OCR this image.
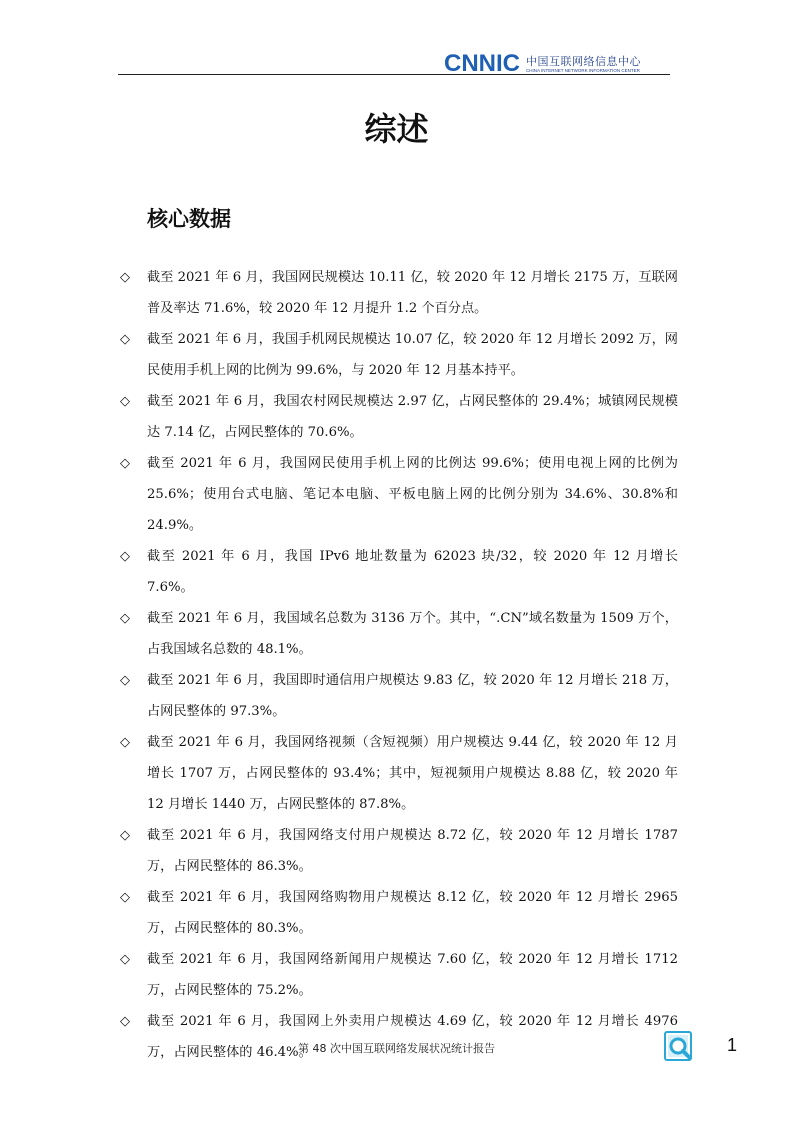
CNNIC 中国互联网络信息中心
CHINA INTERNET NETWORK INFORMATION CENTER
综述
核心数据
◇ 截至 2021 年 6 月，我国网民规模达 10.11 亿，较 2020 年 12 月增长 2175 万，互联网普及率达 71.6%，较 2020 年 12 月提升 1.2 个百分点。
◇ 截至 2021 年 6 月，我国手机网民规模达 10.07 亿，较 2020 年 12 月增长 2092 万，网民使用手机上网的比例为 99.6%，与 2020 年 12 月基本持平。
◇ 截至 2021 年 6 月，我国农村网民规模达 2.97 亿，占网民整体的 29.4%；城镇网民规模达 7.14 亿，占网民整体的 70.6%。
◇ 截至 2021 年 6 月，我国网民使用手机上网的比例达 99.6%；使用电视上网的比例为 25.6%；使用台式电脑、笔记本电脑、平板电脑上网的比例分别为 34.6%、30.8%和 24.9%。
◇ 截至 2021 年 6 月，我国 IPv6 地址数量为 62023 块/32，较 2020 年 12 月增长 7.6%。
◇ 截至 2021 年 6 月，我国域名总数为 3136 万个。其中，“.CN”域名数量为 1509 万个，占我国域名总数的 48.1%。
◇ 截至 2021 年 6 月，我国即时通信用户规模达 9.83 亿，较 2020 年 12 月增长 218 万，占网民整体的 97.3%。
◇ 截至 2021 年 6 月，我国网络视频（含短视频）用户规模达 9.44 亿，较 2020 年 12 月增长 1707 万，占网民整体的 93.4%；其中，短视频用户规模达 8.88 亿，较 2020 年 12 月增长 1440 万，占网民整体的 87.8%。
◇ 截至 2021 年 6 月，我国网络支付用户规模达 8.72 亿，较 2020 年 12 月增长 1787 万，占网民整体的 86.3%。
◇ 截至 2021 年 6 月，我国网络购物用户规模达 8.12 亿，较 2020 年 12 月增长 2965 万，占网民整体的 80.3%。
◇ 截至 2021 年 6 月，我国网络新闻用户规模达 7.60 亿，较 2020 年 12 月增长 1712 万，占网民整体的 75.2%。
◇ 截至 2021 年 6 月，我国网上外卖用户规模达 4.69 亿，较 2020 年 12 月增长 4976 万，占网民整体的 46.4%。
第 48 次中国互联网络发展状况统计报告	1
